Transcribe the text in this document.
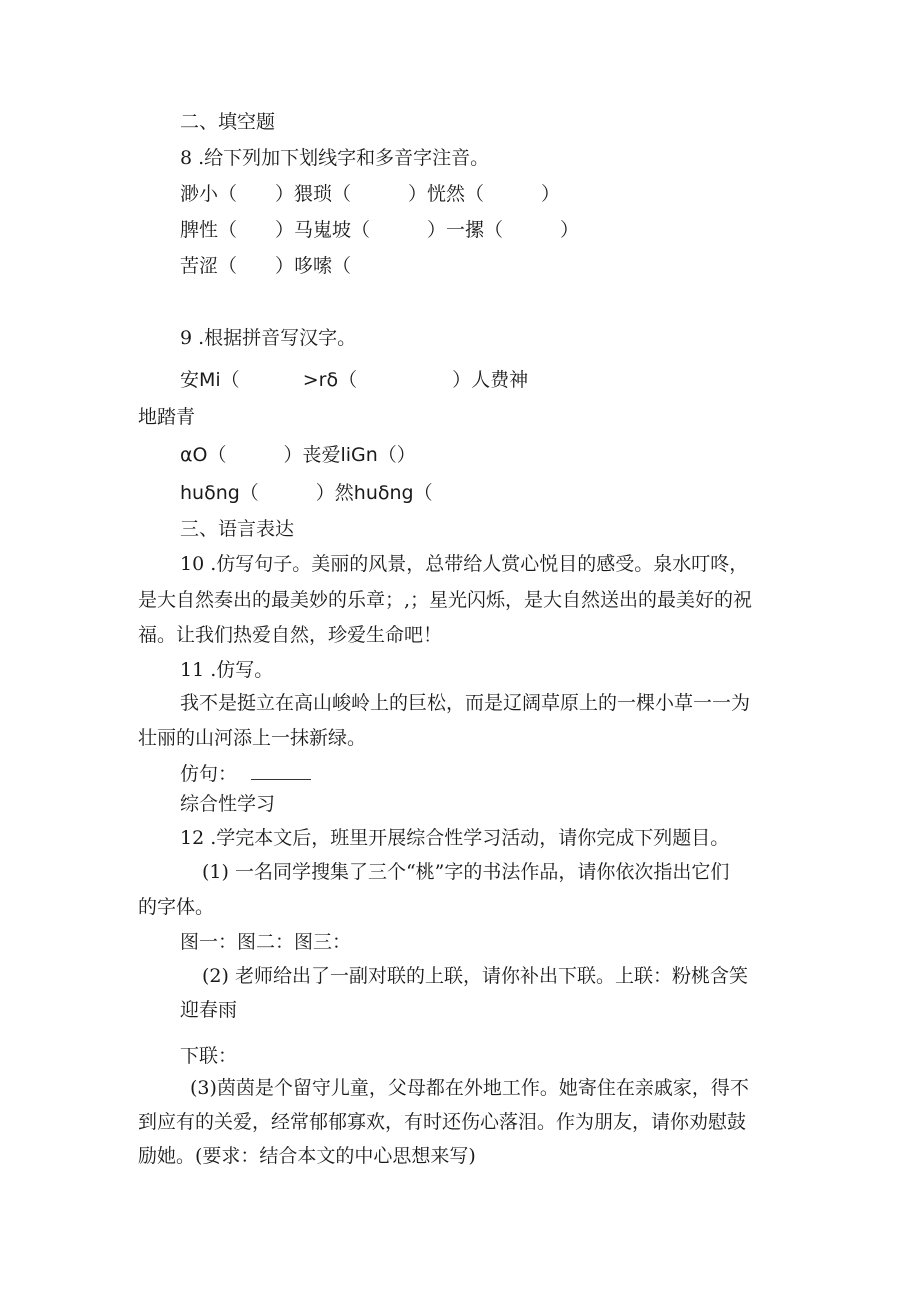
二、填空题
8 .给下列加下划线字和多音字注音。
渺小（　　）猥琐（　　　）恍然（　　　）
脾性（　　）马嵬坡（　　　）一摞（　　　）
苦涩（　　）哆嗦（
9 .根据拼音写汉字。
安Mi（　　　 >rδ（　　　　　）人费神
地踏青
αO（　　　）丧爱liGn（）
huδng（　　　）然huδng（
三、语言表达
10 .仿写句子。美丽的风景，总带给人赏心悦目的感受。泉水叮咚，
是大自然奏出的最美妙的乐章；,；星光闪烁，是大自然送出的最美好的祝
福。让我们热爱自然，珍爱生命吧！
11 .仿写。
我不是挺立在高山峻岭上的巨松，而是辽阔草原上的一棵小草一一为
壮丽的山河添上一抹新绿。
仿句：
综合性学习
12 .学完本文后，班里开展综合性学习活动，请你完成下列题目。
(1) 一名同学搜集了三个“桃”字的书法作品，请你依次指出它们
的字体。
图一：图二：图三：
(2) 老师给出了一副对联的上联，请你补出下联。上联：粉桃含笑
迎春雨
下联：
(3)茵茵是个留守儿童，父母都在外地工作。她寄住在亲戚家，得不
到应有的关爱，经常郁郁寡欢，有时还伤心落泪。作为朋友，请你劝慰鼓
励她。(要求：结合本文的中心思想来写)
